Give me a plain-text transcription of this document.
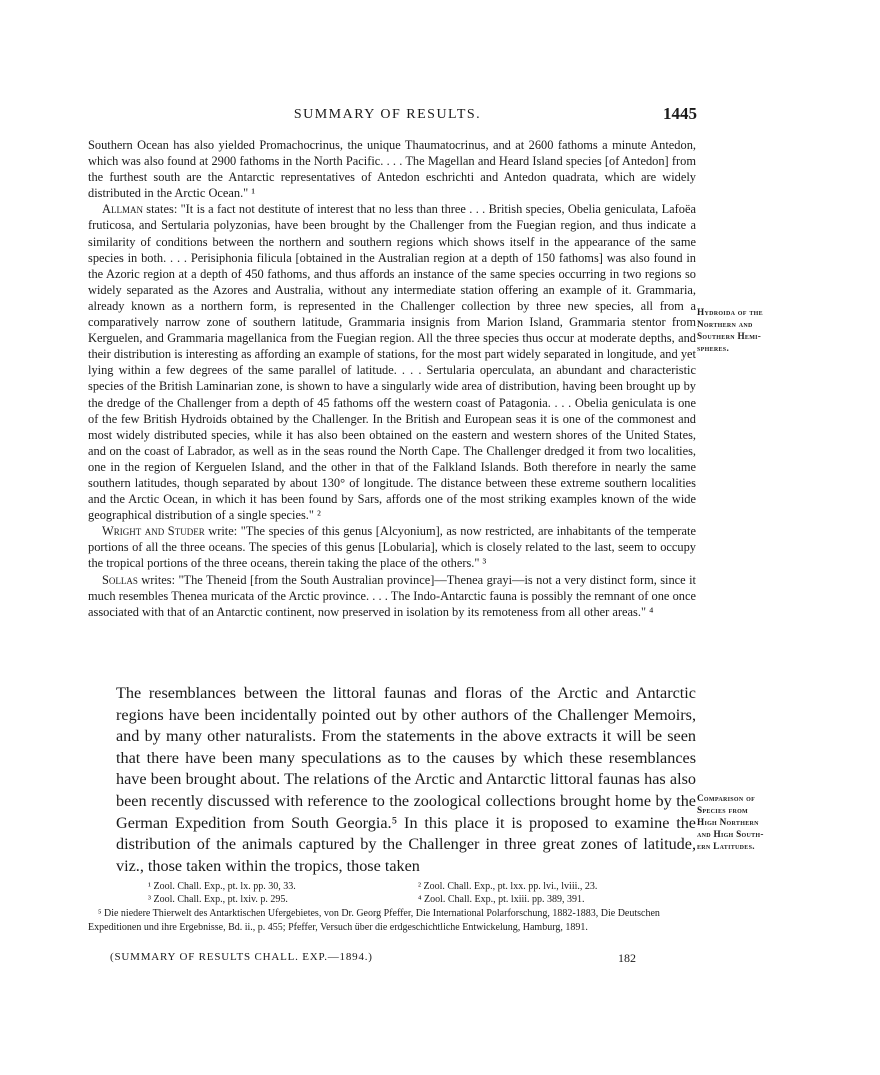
SUMMARY OF RESULTS.	1445

Southern Ocean has also yielded Promachocrinus, the unique Thaumatocrinus, and at 2600 fathoms a minute Antedon, which was also found at 2900 fathoms in the North Pacific. . . . The Magellan and Heard Island species [of Antedon] from the furthest south are the Antarctic representatives of Antedon eschrichti and Antedon quadrata, which are widely distributed in the Arctic Ocean." ¹

Allman states: "It is a fact not destitute of interest that no less than three . . . British species, Obelia geniculata, Lafoëa fruticosa, and Sertularia polyzonias, have been brought by the Challenger from the Fuegian region, and thus indicate a similarity of conditions between the northern and southern regions which shows itself in the appearance of the same species in both. . . . Perisiphonia filicula [obtained in the Australian region at a depth of 150 fathoms] was also found in the Azoric region at a depth of 450 fathoms, and thus affords an instance of the same species occurring in two regions so widely separated as the Azores and Australia, without any intermediate station offering an example of it. Grammaria, already known as a northern form, is represented in the Challenger collection by three new species, all from a comparatively narrow zone of southern latitude, Grammaria insignis from Marion Island, Grammaria stentor from Kerguelen, and Grammaria magellanica from the Fuegian region. All the three species thus occur at moderate depths, and their distribution is interesting as affording an example of stations, for the most part widely separated in longitude, and yet lying within a few degrees of the same parallel of latitude. . . . Sertularia operculata, an abundant and characteristic species of the British Laminarian zone, is shown to have a singularly wide area of distribution, having been brought up by the dredge of the Challenger from a depth of 45 fathoms off the western coast of Patagonia. . . . Obelia geniculata is one of the few British Hydroids obtained by the Challenger. In the British and European seas it is one of the commonest and most widely distributed species, while it has also been obtained on the eastern and western shores of the United States, and on the coast of Labrador, as well as in the seas round the North Cape. The Challenger dredged it from two localities, one in the region of Kerguelen Island, and the other in that of the Falkland Islands. Both therefore in nearly the same southern latitudes, though separated by about 130° of longitude. The distance between these extreme southern localities and the Arctic Ocean, in which it has been found by Sars, affords one of the most striking examples known of the wide geographical distribution of a single species." ²

Wright and Studer write: "The species of this genus [Alcyonium], as now restricted, are inhabitants of the temperate portions of all the three oceans. The species of this genus [Lobularia], which is closely related to the last, seem to occupy the tropical portions of the three oceans, therein taking the place of the others." ³

Sollas writes: "The Theneid [from the South Australian province]—Thenea grayi—is not a very distinct form, since it much resembles Thenea muricata of the Arctic province. . . . The Indo-Antarctic fauna is possibly the remnant of one once associated with that of an Antarctic continent, now preserved in isolation by its remoteness from all other areas." ⁴

Hydroida of the
Northern and
Southern Hemi-
spheres.

The resemblances between the littoral faunas and floras of the Arctic and Antarctic regions have been incidentally pointed out by other authors of the Challenger Memoirs, and by many other naturalists. From the statements in the above extracts it will be seen that there have been many speculations as to the causes by which these resemblances have been brought about. The relations of the Arctic and Antarctic littoral faunas has also been recently discussed with reference to the zoological collections brought home by the German Expedition from South Georgia.⁵ In this place it is proposed to examine the distribution of the animals captured by the Challenger in three great zones of latitude, viz., those taken within the tropics, those taken

Comparison of
Species from
High Northern
and High South-
ern Latitudes.
¹ Zool. Chall. Exp., pt. lx. pp. 30, 33.	² Zool. Chall. Exp., pt. lxx. pp. lvi., lviii., 23.
³ Zool. Chall. Exp., pt. lxiv. p. 295.	⁴ Zool. Chall. Exp., pt. lxiii. pp. 389, 391.
⁵ Die niedere Thierwelt des Antarktischen Ufergebietes, von Dr. Georg Pfeffer, Die International Polarforschung, 1882-1883, Die Deutschen Expeditionen und ihre Ergebnisse, Bd. ii., p. 455; Pfeffer, Versuch über die erdgeschichtliche Entwickelung, Hamburg, 1891.
(SUMMARY OF RESULTS CHALL. EXP.—1894.)	182
